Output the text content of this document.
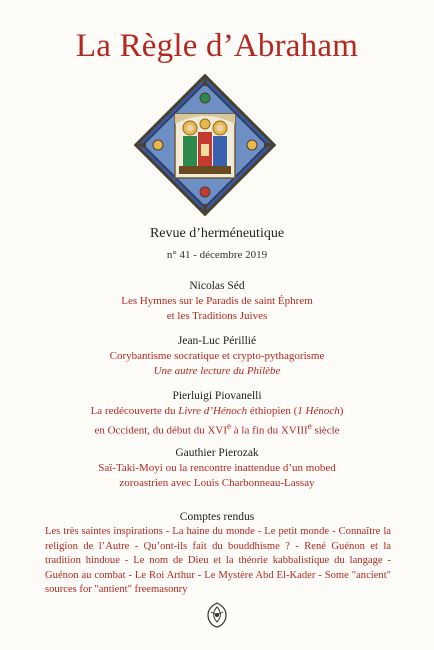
La Règle d’Abraham
Revue d’herméneutique
n° 41 - décembre 2019
Nicolas Séd
Les Hymnes sur le Paradis de saint Éphrem
et les Traditions Juives
Jean-Luc Périllié
Corybantisme socratique et crypto-pythagorisme
Une autre lecture du Philèbe
Pierluigi Piovanelli
La redécouverte du Livre d’Hénoch éthiopien (1 Hénoch)
en Occident, du début du XVIe à la fin du XVIIIe siècle
Gauthier Pierozak
Saï-Taki-Moyi ou la rencontre inattendue d’un mobed
zoroastrien avec Louis Charbonneau-Lassay
Comptes rendus
Les très saintes inspirations - La haine du monde - Le petit monde - Connaître la religion de l’Autre - Qu’ont-ils fait du bouddhisme ? - René Guénon et la tradition hindoue - Le nom de Dieu et la théorie kabbalistique du langage - Guénon au combat - Le Roi Arthur - Le Mystère Abd El-Kader - Some "ancient" sources for "antient" freemasonry
